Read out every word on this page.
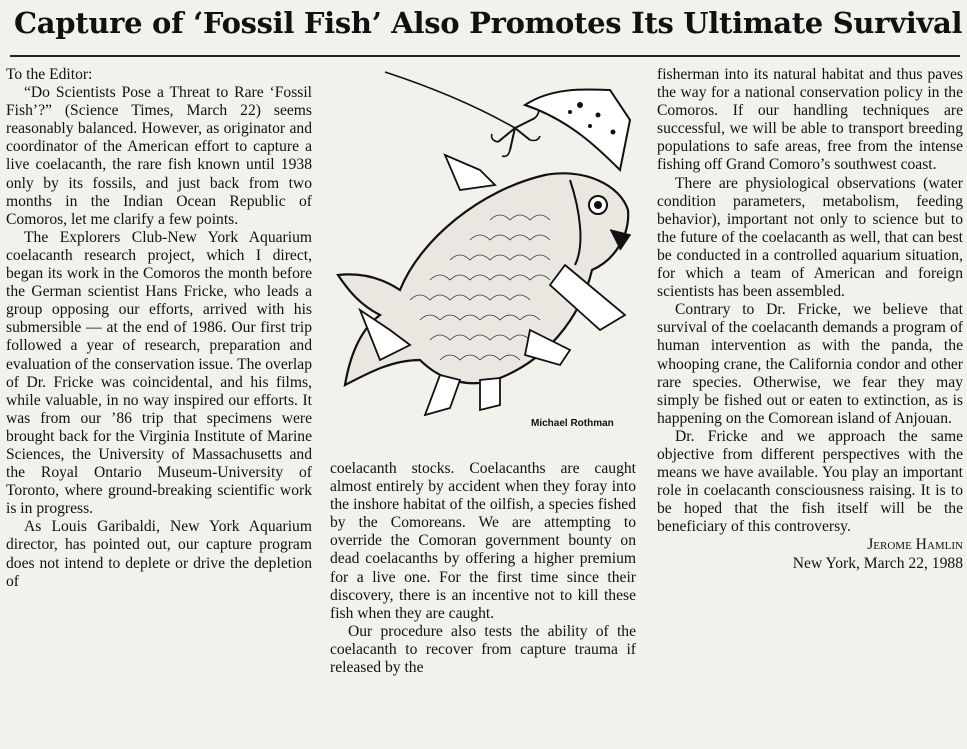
Capture of ‘Fossil Fish’ Also Promotes Its Ultimate Survival

To the Editor:

“Do Scientists Pose a Threat to Rare ‘Fossil Fish’?” (Science Times, March 22) seems reasonably balanced. However, as originator and coordinator of the American effort to capture a live coelacanth, the rare fish known until 1938 only by its fossils, and just back from two months in the Indian Ocean Republic of Comoros, let me clarify a few points.

The Explorers Club-New York Aquarium coelacanth research project, which I direct, began its work in the Comoros the month before the German scientist Hans Fricke, who leads a group opposing our efforts, arrived with his submersible — at the end of 1986. Our first trip followed a year of research, preparation and evaluation of the conservation issue. The overlap of Dr. Fricke was coincidental, and his films, while valuable, in no way inspired our efforts. It was from our ’86 trip that specimens were brought back for the Virginia Institute of Marine Sciences, the University of Massachusetts and the Royal Ontario Museum-University of Toronto, where ground-breaking scientific work is in progress.

As Louis Garibaldi, New York Aquarium director, has pointed out, our capture program does not intend to deplete or drive the depletion of

Michael Rothman

coelacanth stocks. Coelacanths are caught almost entirely by accident when they foray into the inshore habitat of the oilfish, a species fished by the Comoreans. We are attempting to override the Comoran government bounty on dead coelacanths by offering a higher premium for a live one. For the first time since their discovery, there is an incentive not to kill these fish when they are caught.

Our procedure also tests the ability of the coelacanth to recover from capture trauma if released by the

fisherman into its natural habitat and thus paves the way for a national conservation policy in the Comoros. If our handling techniques are successful, we will be able to transport breeding populations to safe areas, free from the intense fishing off Grand Comoro’s southwest coast.

There are physiological observations (water condition parameters, metabolism, feeding behavior), important not only to science but to the future of the coelacanth as well, that can best be conducted in a controlled aquarium situation, for which a team of American and foreign scientists has been assembled.

Contrary to Dr. Fricke, we believe that survival of the coelacanth demands a program of human intervention as with the panda, the whooping crane, the California condor and other rare species. Otherwise, we fear they may simply be fished out or eaten to extinction, as is happening on the Comorean island of Anjouan.

Dr. Fricke and we approach the same objective from different perspectives with the means we have available. You play an important role in coelacanth consciousness raising. It is to be hoped that the fish itself will be the beneficiary of this controversy.

Jerome Hamlin
New York, March 22, 1988
